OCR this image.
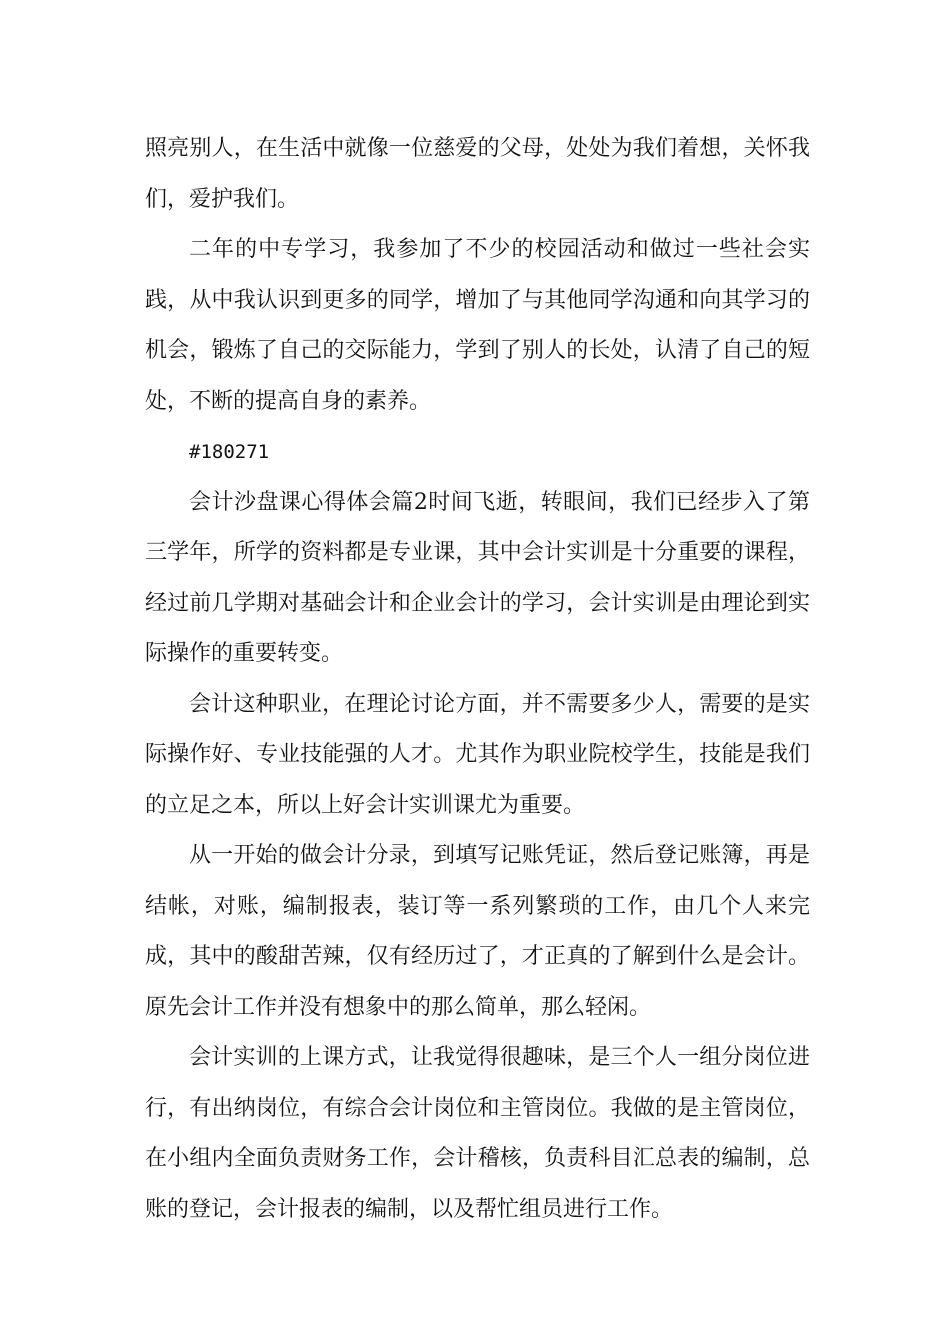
照亮别人，在生活中就像一位慈爱的父母，处处为我们着想，关怀我们，爱护我们。

二年的中专学习，我参加了不少的校园活动和做过一些社会实践，从中我认识到更多的同学，增加了与其他同学沟通和向其学习的机会，锻炼了自己的交际能力，学到了别人的长处，认清了自己的短处，不断的提高自身的素养。

#180271

会计沙盘课心得体会篇2时间飞逝，转眼间，我们已经步入了第三学年，所学的资料都是专业课，其中会计实训是十分重要的课程，经过前几学期对基础会计和企业会计的学习，会计实训是由理论到实际操作的重要转变。

会计这种职业，在理论讨论方面，并不需要多少人，需要的是实际操作好、专业技能强的人才。尤其作为职业院校学生，技能是我们的立足之本，所以上好会计实训课尤为重要。

从一开始的做会计分录，到填写记账凭证，然后登记账簿，再是结帐，对账，编制报表，装订等一系列繁琐的工作，由几个人来完成，其中的酸甜苦辣，仅有经历过了，才正真的了解到什么是会计。原先会计工作并没有想象中的那么简单，那么轻闲。

会计实训的上课方式，让我觉得很趣味，是三个人一组分岗位进行，有出纳岗位，有综合会计岗位和主管岗位。我做的是主管岗位，在小组内全面负责财务工作，会计稽核，负责科目汇总表的编制，总账的登记，会计报表的编制，以及帮忙组员进行工作。
